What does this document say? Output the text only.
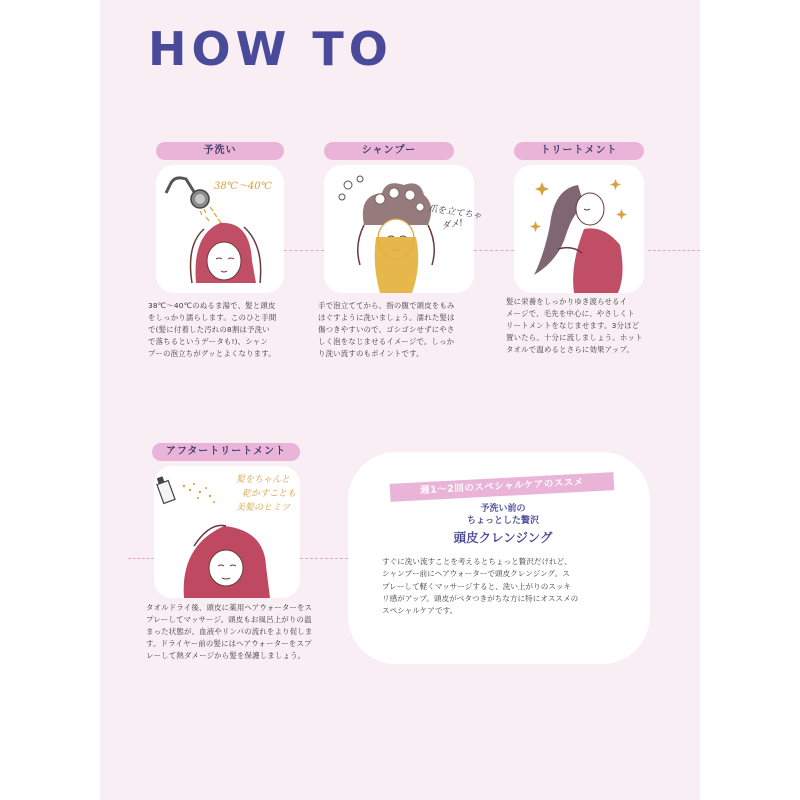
HOW TO
予洗い
38℃〜40℃

38℃〜40℃のぬるま湯で、髪と頭皮
をしっかり濡らします。このひと手間
で(髪に付着した汚れの8割は予洗い
で落ちるというデータも!)、シャン
プーの泡立ちがグッとよくなります。

シャンプー
爪を立てちゃ
ダメ!

手で泡立ててから、指の腹で頭皮をもみ
ほぐすように洗いましょう。濡れた髪は
傷つきやすいので、ゴシゴシせずにやさ
しく泡をなじませるイメージで。しっか
り洗い流すのもポイントです。

トリートメント

髪に栄養をしっかりゆき渡らせるイ
メージで、毛先を中心に、やさしくト
リートメントをなじませます。3分ほど
置いたら、十分に流しましょう。ホット
タオルで温めるとさらに効果アップ。

アフタートリートメント
髪をちゃんと
乾かすことも
美髪のヒミツ

タオルドライ後、頭皮に薬用ヘアウォーターをス
プレーしてマッサージ。頭皮もお風呂上がりの温
まった状態が、血液やリンパの流れをより促しま
す。ドライヤー前の髪にはヘアウォーターをスプ
レーして熱ダメージから髪を保護しましょう。

週1〜2回のスペシャルケアのススメ

予洗い前の
ちょっとした贅沢

頭皮クレンジング

すぐに洗い流すことを考えるとちょっと贅沢だけれど、
シャンプー前にヘアウォーターで頭皮クレンジング。ス
プレーして軽くマッサージすると、洗い上がりのスッキ
リ感がアップ。頭皮がベタつきがちな方に特にオススメの
スペシャルケアです。
